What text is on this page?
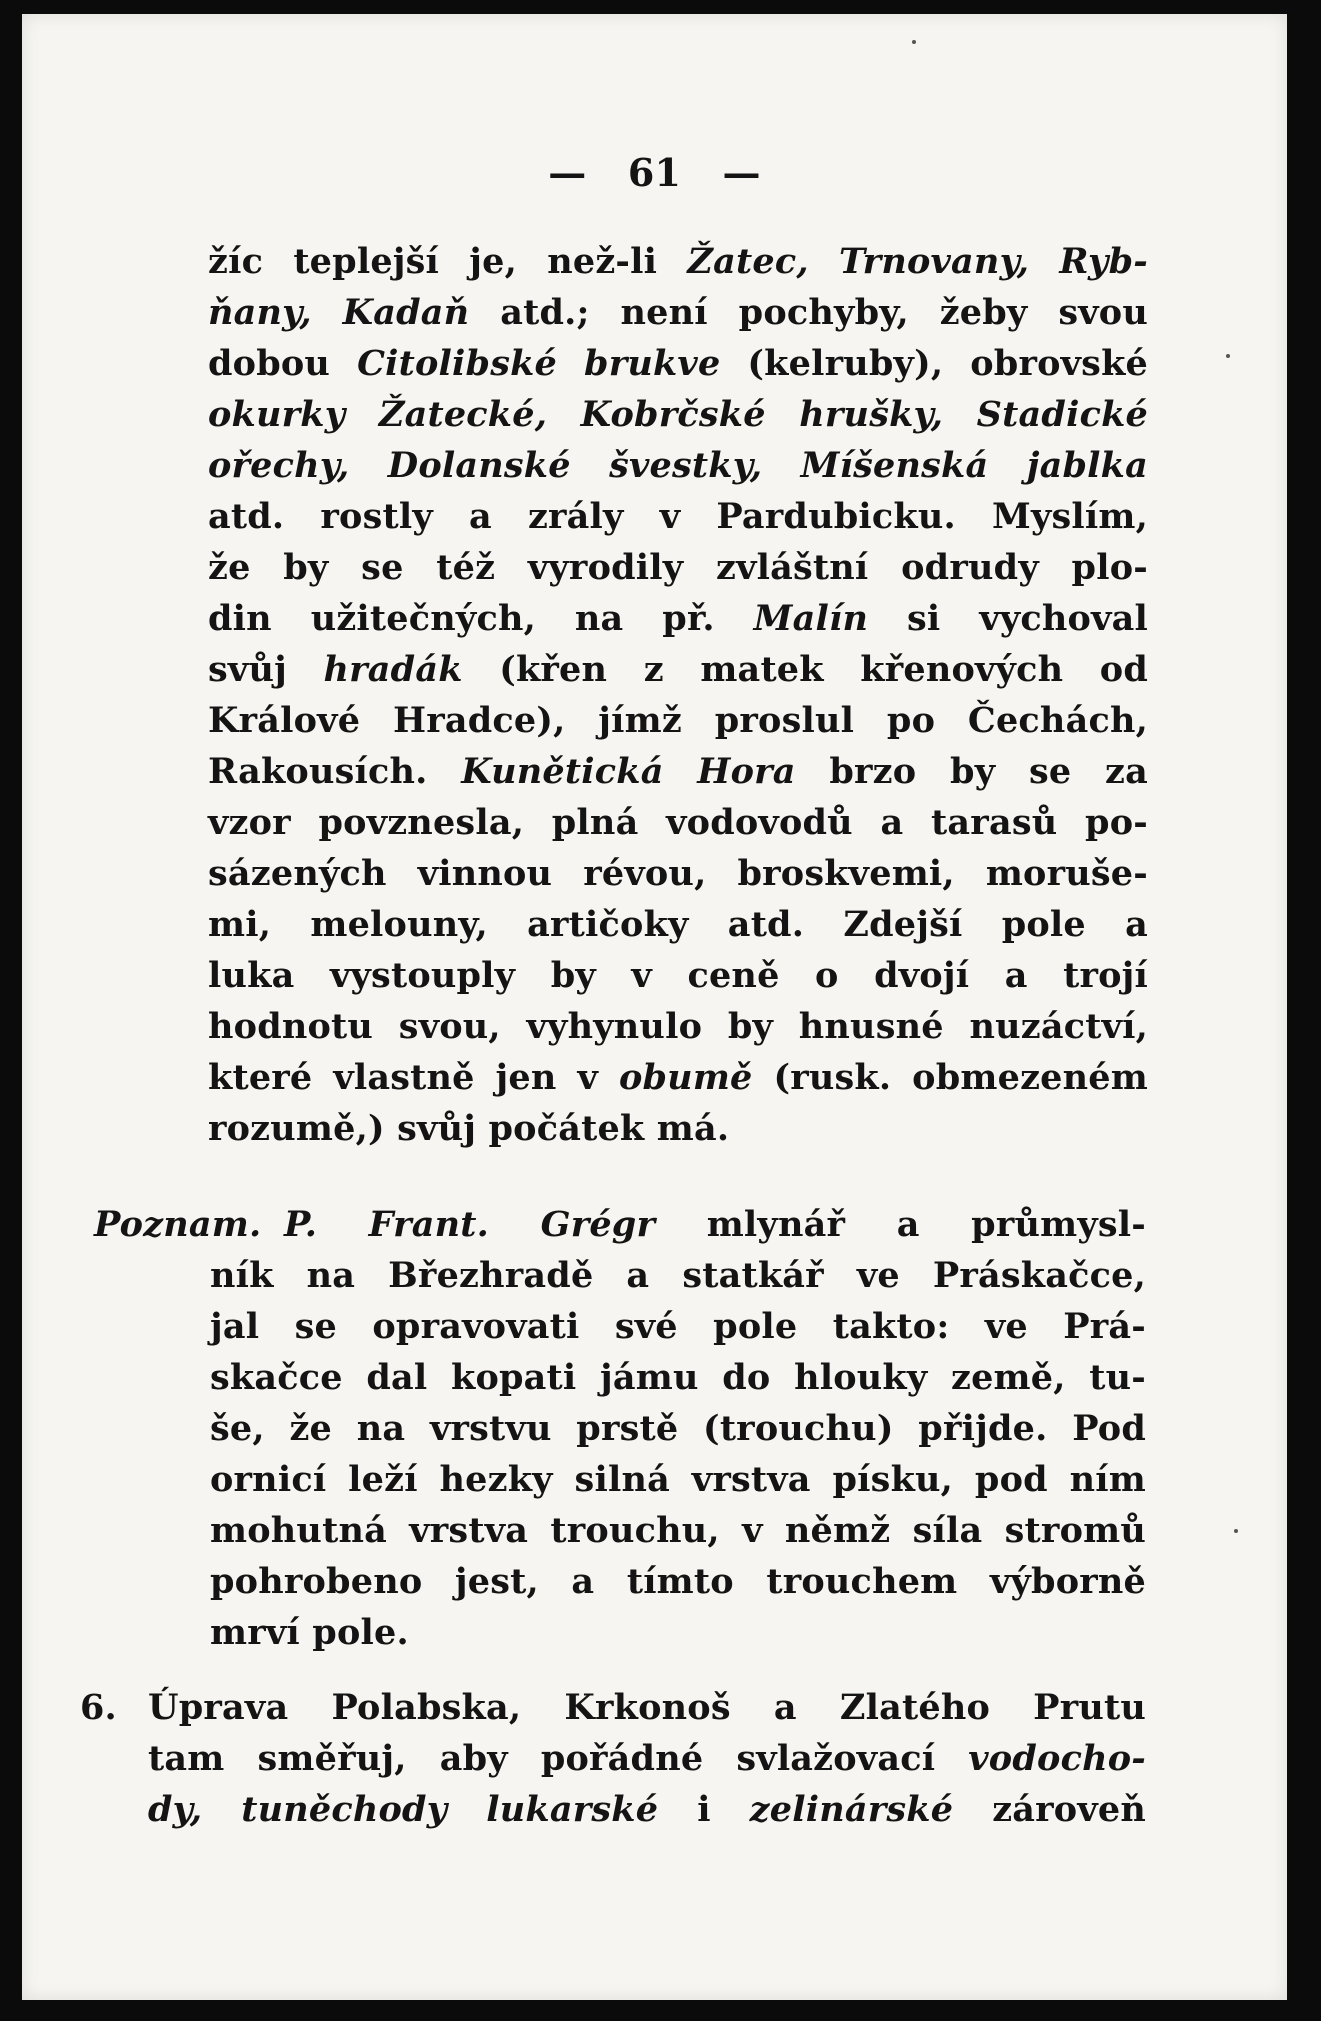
— 61 —
žíc teplejší je, než-li Žatec, Trnovany, Ryb-
ňany, Kadaň atd.; není pochyby, žeby svou
dobou Citolibské brukve (kelruby), obrovské
okurky Žatecké, Kobrčské hrušky, Stadické
ořechy, Dolanské švestky, Míšenská jablka
atd. rostly a zrály v Pardubicku. Myslím,
že by se též vyrodily zvláštní odrudy plo-
din užitečných, na př. Malín si vychoval
svůj hradák (křen z matek křenových od
Králové Hradce), jímž proslul po Čechách,
Rakousích. Kunětická Hora brzo by se za
vzor povznesla, plná vodovodů a tarasů po-
sázených vinnou révou, broskvemi, moruše-
mi, melouny, artičoky atd. Zdejší pole a
luka vystouply by v ceně o dvojí a trojí
hodnotu svou, vyhynulo by hnusné nuzáctví,
které vlastně jen v obumě (rusk. obmezeném
rozumě,) svůj počátek má.
Poznam.P. Frant. Grégr mlynář a průmysl-
ník na Březhradě a statkář ve Práskačce,
jal se opravovati své pole takto: ve Prá-
skačce dal kopati jámu do hlouky země, tu-
še, že na vrstvu prstě (trouchu) přijde. Pod
ornicí leží hezky silná vrstva písku, pod ním
mohutná vrstva trouchu, v němž síla stromů
pohrobeno jest, a tímto trouchem výborně
mrví pole.
6. Úprava Polabska, Krkonoš a Zlatého Prutu
tam směřuj, aby pořádné svlažovací vodocho-
dy, tuněchody lukarské i zelinárské zároveň
